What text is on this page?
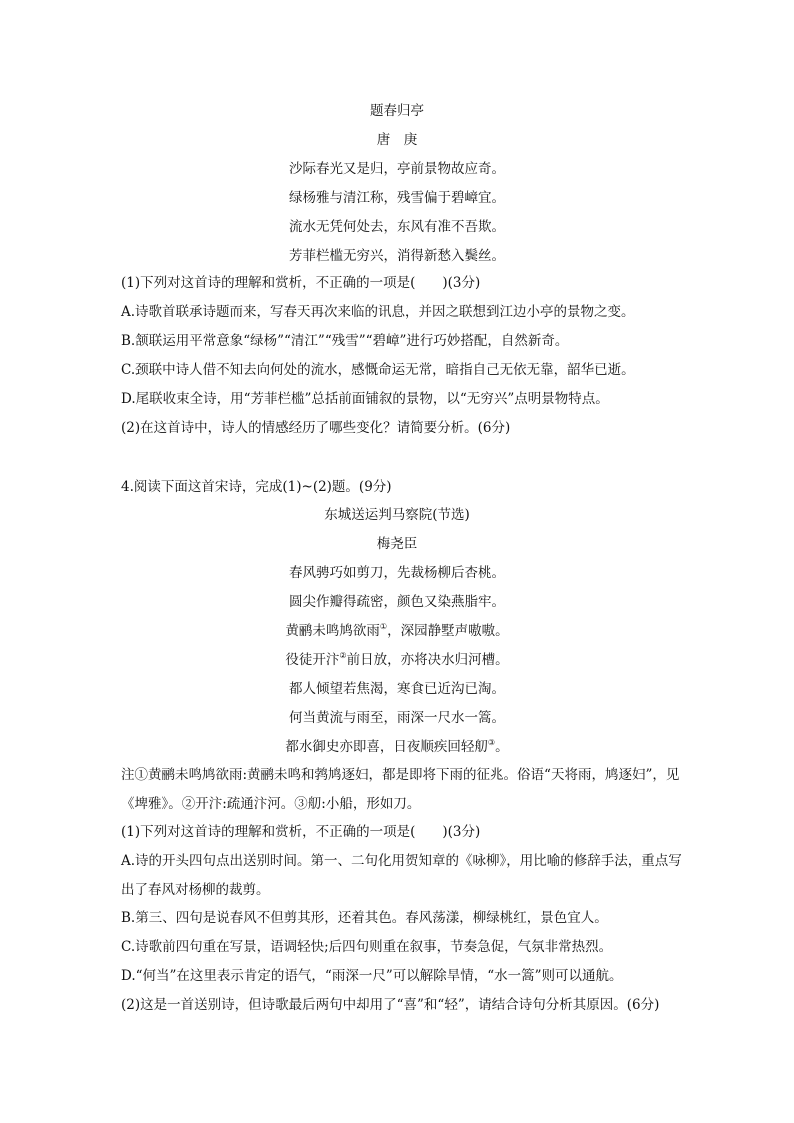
题春归亭
唐　庚
沙际春光又是归，亭前景物故应奇。
绿杨雅与清江称，残雪偏于碧嶂宜。
流水无凭何处去，东风有准不吾欺。
芳菲栏槛无穷兴，消得新愁入鬓丝。
(1)下列对这首诗的理解和赏析，不正确的一项是(　　)(3分)
A.诗歌首联承诗题而来，写春天再次来临的讯息，并因之联想到江边小亭的景物之变。
B.颔联运用平常意象“绿杨”“清江”“残雪”“碧嶂”进行巧妙搭配，自然新奇。
C.颈联中诗人借不知去向何处的流水，感慨命运无常，暗指自己无依无靠，韶华已逝。
D.尾联收束全诗，用“芳菲栏槛”总括前面铺叙的景物，以“无穷兴”点明景物特点。
(2)在这首诗中，诗人的情感经历了哪些变化？请简要分析。(6分)
4.阅读下面这首宋诗，完成(1)~(2)题。(9分)
东城送运判马察院(节选)
梅尧臣
春风骋巧如剪刀，先裁杨柳后杏桃。
圆尖作瓣得疏密，颜色又染燕脂牢。
黄鹂未鸣鸠欲雨①，深园静墅声嗷嗷。
役徒开汴②前日放，亦将决水归河槽。
都人倾望若焦渴，寒食已近沟已淘。
何当黄流与雨至，雨深一尺水一篙。
都水御史亦即喜，日夜顺疾回轻舠③。
注①黄鹂未鸣鸠欲雨:黄鹂未鸣和鹁鸠逐妇，都是即将下雨的征兆。俗语“天将雨，鸠逐妇”，见
《埤雅》。②开汴:疏通汴河。③舠:小船，形如刀。
(1)下列对这首诗的理解和赏析，不正确的一项是(　　)(3分)
A.诗的开头四句点出送别时间。第一、二句化用贺知章的《咏柳》，用比喻的修辞手法，重点写
出了春风对杨柳的裁剪。
B.第三、四句是说春风不但剪其形，还着其色。春风荡漾，柳绿桃红，景色宜人。
C.诗歌前四句重在写景，语调轻快;后四句则重在叙事，节奏急促，气氛非常热烈。
D.“何当”在这里表示肯定的语气，“雨深一尺”可以解除旱情，“水一篙”则可以通航。
(2)这是一首送别诗，但诗歌最后两句中却用了“喜”和“轻”，请结合诗句分析其原因。(6分)
